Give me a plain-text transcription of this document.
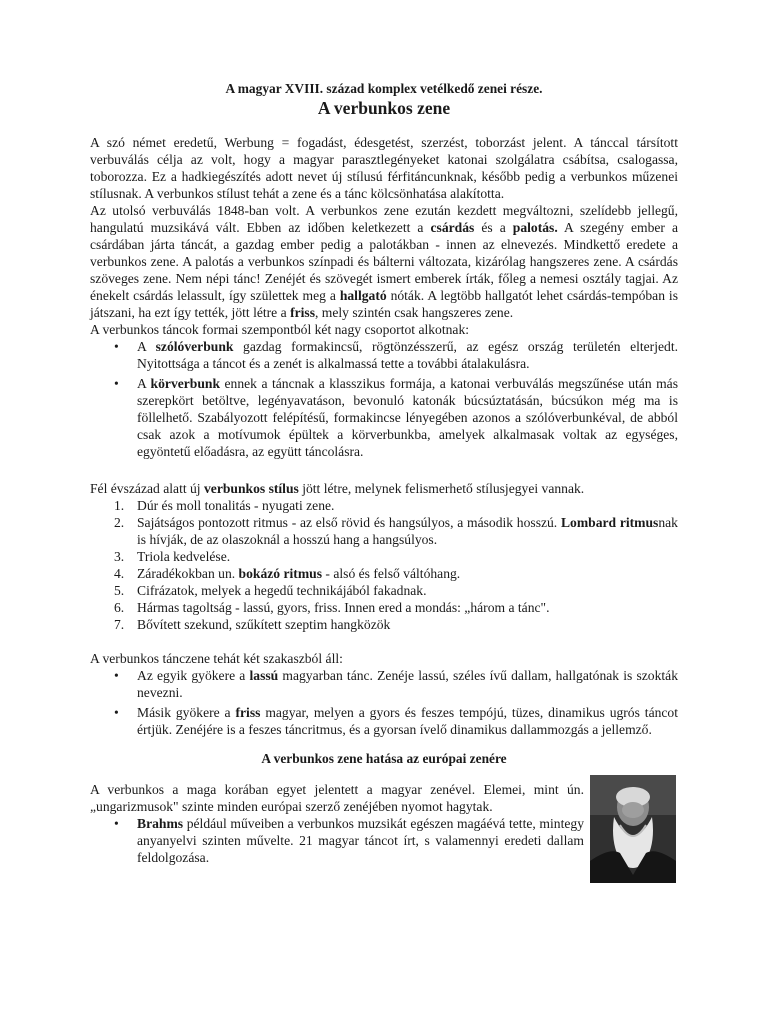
A magyar XVIII. század komplex vetélkedő zenei része.

A verbunkos zene

A szó német eredetű, Werbung = fogadást, édesgetést, szerzést, toborzást jelent. A tánccal társított verbuválás célja az volt, hogy a magyar parasztlegényeket katonai szolgálatra csábítsa, csalogassa, toborozza. Ez a hadkiegészítés adott nevet új stílusú férfitáncunknak, később pedig a verbunkos műzenei stílusnak. A verbunkos stílust tehát a zene és a tánc kölcsönhatása alakította.

Az utolsó verbuválás 1848-ban volt. A verbunkos zene ezután kezdett megváltozni, szelídebb jellegű, hangulatú muzsikává vált. Ebben az időben keletkezett a csárdás és a palotás. A szegény ember a csárdában járta táncát, a gazdag ember pedig a palotákban - innen az elnevezés. Mindkettő eredete a verbunkos zene. A palotás a verbunkos színpadi és bálterni változata, kizárólag hangszeres zene. A csárdás szöveges zene. Nem népi tánc! Zenéjét és szövegét ismert emberek írták, főleg a nemesi osztály tagjai. Az énekelt csárdás lelassult, így születtek meg a hallgató nóták. A legtöbb hallgatót lehet csárdás-tempóban is játszani, ha ezt így tették, jött létre a friss, mely szintén csak hangszeres zene.

A verbunkos táncok formai szempontból két nagy csoportot alkotnak:

• A szólóverbunk gazdag formakincsű, rögtönzésszerű, az egész ország területén elterjedt. Nyitottsága a táncot és a zenét is alkalmassá tette a további átalakulásra.
• A körverbunk ennek a táncnak a klasszikus formája, a katonai verbuválás megszűnése után más szerepkört betöltve, legényavatáson, bevonuló katonák búcsúztatásán, búcsúkon még ma is föllelhető. Szabályozott felépítésű, formakincse lényegében azonos a szólóverbunkéval, de abból csak azok a motívumok épültek a körverbunkba, amelyek alkalmasak voltak az egységes, egyöntetű előadásra, az együtt táncolásra.

Fél évszázad alatt új verbunkos stílus jött létre, melynek felismerhető stílusjegyei vannak.

1. Dúr és moll tonalitás - nyugati zene.
2. Sajátságos pontozott ritmus - az első rövid és hangsúlyos, a második hosszú. Lombard ritmusnak is hívják, de az olaszoknál a hosszú hang a hangsúlyos.
3. Triola kedvelése.
4. Záradékokban un. bokázó ritmus - alsó és felső váltóhang.
5. Cifrázatok, melyek a hegedű technikájából fakadnak.
6. Hármas tagoltság - lassú, gyors, friss. Innen ered a mondás: „három a tánc".
7. Bővített szekund, szűkített szeptim hangközök

A verbunkos tánczene tehát két szakaszból áll:

• Az egyik gyökere a lassú magyarban tánc. Zenéje lassú, széles ívű dallam, hallgatónak is szokták nevezni.
• Másik gyökere a friss magyar, melyen a gyors és feszes tempójú, tüzes, dinamikus ugrós táncot értjük. Zenéjére is a feszes táncritmus, és a gyorsan ívelő dinamikus dallammozgás a jellemző.

A verbunkos zene hatása az európai zenére

A verbunkos a maga korában egyet jelentett a magyar zenével. Elemei, mint ún. „ungarizmusok" szinte minden európai szerző zenéjében nyomot hagytak.

• Brahms például műveiben a verbunkos muzsikát egészen magáévá tette, mintegy anyanyelvi szinten művelte. 21 magyar táncot írt, s valamennyi eredeti dallam feldolgozása.
